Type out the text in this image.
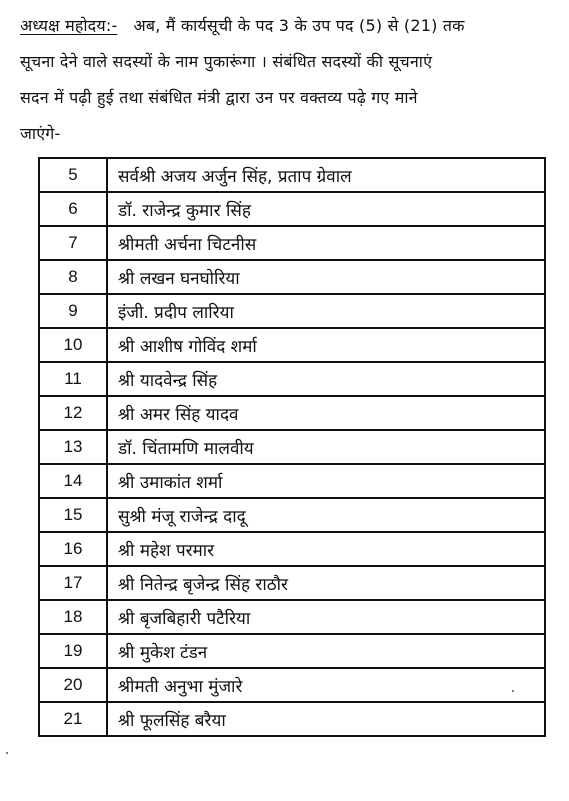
अध्यक्ष महोदय:- अब, मैं कार्यसूची के पद 3 के उप पद (5) से (21) तक
सूचना देने वाले सदस्यों के नाम पुकारूंगा । संबंधित सदस्यों की सूचनाएं
सदन में पढ़ी हुई तथा संबंधित मंत्री द्वारा उन पर वक्तव्य पढ़े गए माने
जाएंगे-
5	सर्वश्री अजय अर्जुन सिंह, प्रताप ग्रेवाल
6	डॉ. राजेन्द्र कुमार सिंह
7	श्रीमती अर्चना चिटनीस
8	श्री लखन घनघोरिया
9	इंजी. प्रदीप लारिया
10	श्री आशीष गोविंद शर्मा
11	श्री यादवेन्द्र सिंह
12	श्री अमर सिंह यादव
13	डॉ. चिंतामणि मालवीय
14	श्री उमाकांत शर्मा
15	सुश्री मंजू राजेन्द्र दादू
16	श्री महेश परमार
17	श्री नितेन्द्र बृजेन्द्र सिंह राठौर
18	श्री बृजबिहारी पटैरिया
19	श्री मुकेश टंडन
20	श्रीमती अनुभा मुंजारे
21	श्री फूलसिंह बरैया
